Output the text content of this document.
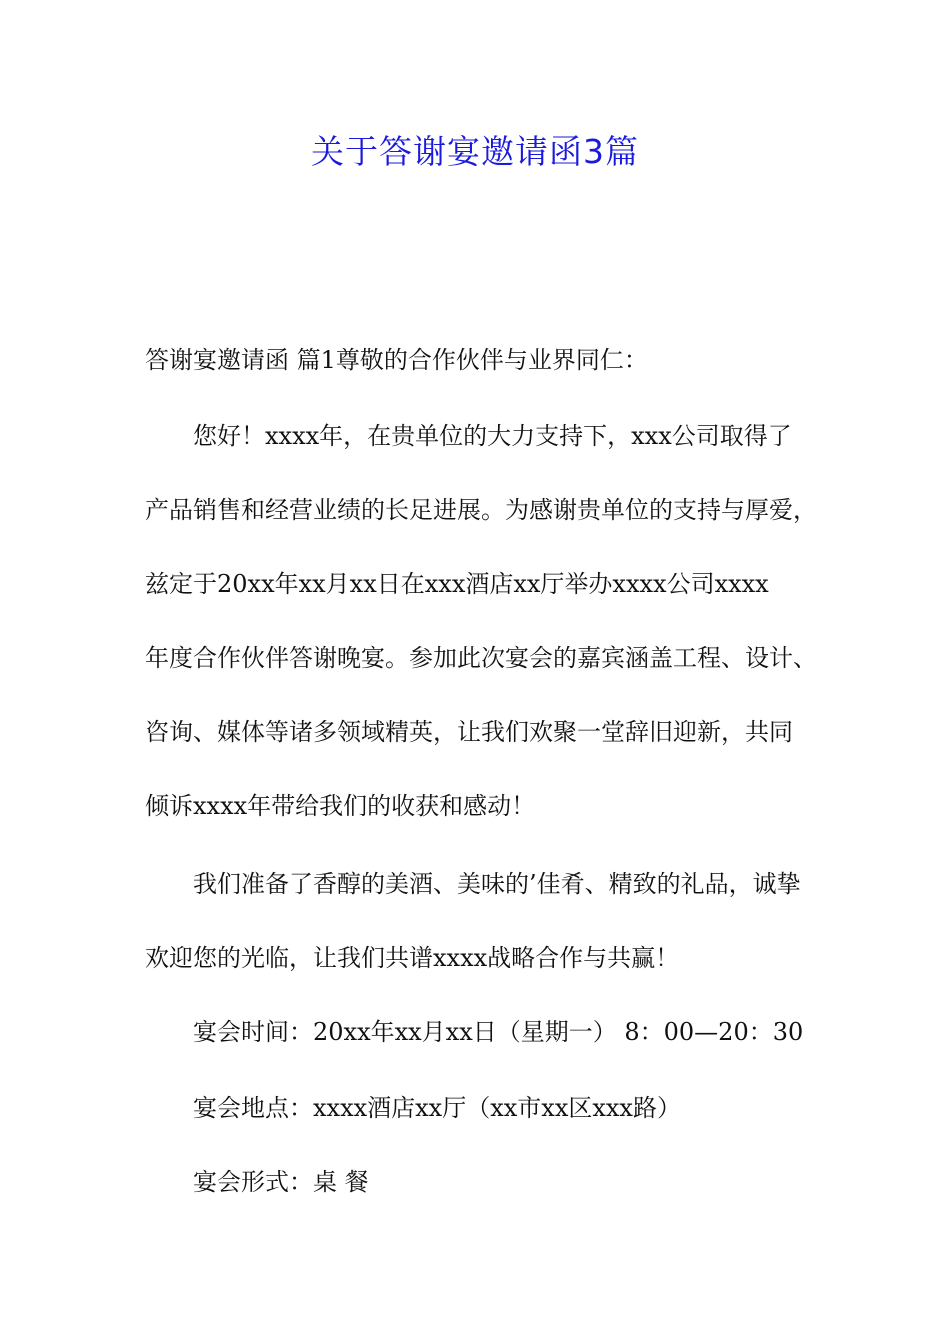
关于答谢宴邀请函3篇

答谢宴邀请函 篇1尊敬的合作伙伴与业界同仁：

您好！xxxx年，在贵单位的大力支持下，xxx公司取得了

产品销售和经营业绩的长足进展。为感谢贵单位的支持与厚爱，

兹定于20xx年xx月xx日在xxx酒店xx厅举办xxxx公司xxxx

年度合作伙伴答谢晚宴。参加此次宴会的嘉宾涵盖工程、设计、

咨询、媒体等诸多领域精英，让我们欢聚一堂辞旧迎新，共同

倾诉xxxx年带给我们的收获和感动！

我们准备了香醇的美酒、美味的’佳肴、精致的礼品，诚挚

欢迎您的光临，让我们共谱xxxx战略合作与共赢！

宴会时间：20xx年xx月xx日（星期一） 8：00—20：30

宴会地点：xxxx酒店xx厅（xx市xx区xxx路）

宴会形式：桌 餐
